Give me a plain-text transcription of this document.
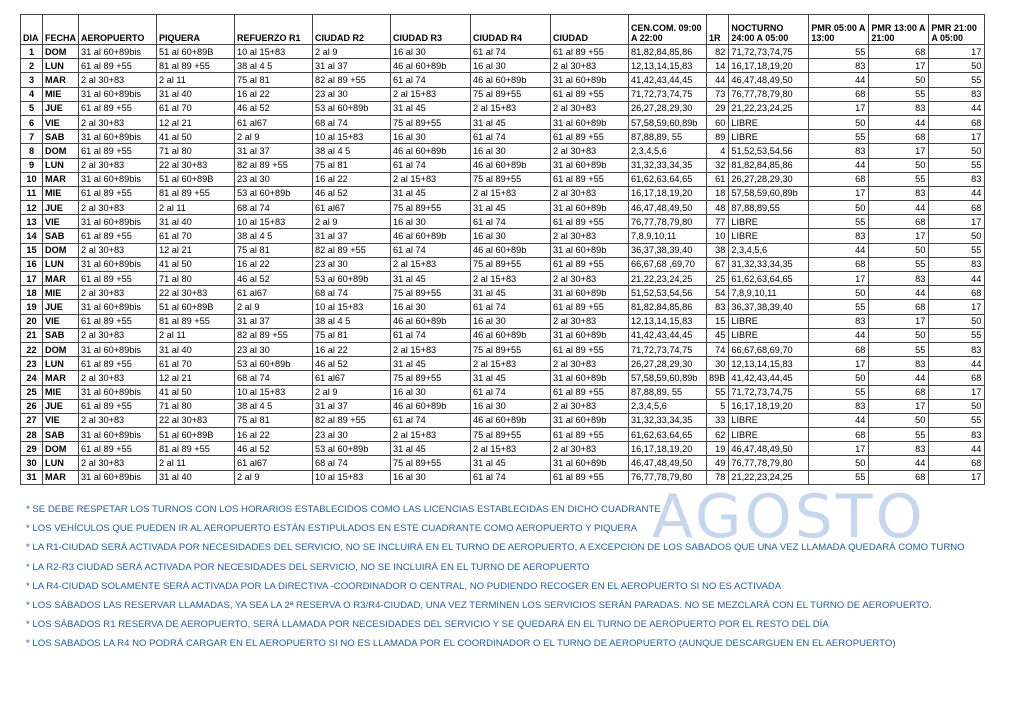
DIA	FECHA	AEROPUERTO	PIQUERA	REFUERZO R1	CIUDAD R2	CIUDAD R3	CIUDAD R4	CIUDAD	CEN.COM. 09:00 A 22:00	1R	NOCTURNO 24:00 A 05:00	PMR 05:00 A 13:00	PMR 13:00 A 21:00	PMR 21:00 A 05:00
1	DOM	31 al 60+89bis	51 al 60+89B	10 al 15+83	2 al 9	16 al 30	61 al 74	61 al 89 +55	81,82,84,85,86	82	71,72,73,74,75	55	68	17
2	LUN	61 al 89 +55	81 al 89 +55	38 al 4 5	31 al 37	46 al 60+89b	16 al 30	2 al 30+83	12,13,14,15,83	14	16,17,18,19,20	83	17	50
3	MAR	2 al 30+83	2 al 11	75 al 81	82 al 89 +55	61 al 74	46 al 60+89b	31 al 60+89b	41,42,43,44,45	44	46,47,48,49,50	44	50	55
4	MIE	31 al 60+89bis	31 al 40	16 al 22	23 al 30	2 al 15+83	75 al 89+55	61 al 89 +55	71,72,73,74,75	73	76,77,78,79,80	68	55	83
5	JUE	61 al 89 +55	61 al 70	46 al 52	53 al 60+89b	31 al 45	2 al 15+83	2 al 30+83	26,27,28,29,30	29	21,22,23,24,25	17	83	44
6	VIE	2 al 30+83	12 al 21	61 al67	68 al 74	75 al 89+55	31 al 45	31 al 60+89b	57,58,59,60,89b	60	LIBRE	50	44	68
7	SAB	31 al 60+89bis	41 al 50	2 al 9	10 al 15+83	16 al 30	61 al 74	61 al 89 +55	87,88,89, 55	89	LIBRE	55	68	17
8	DOM	61 al 89 +55	71 al 80	31 al 37	38 al 4 5	46 al 60+89b	16 al 30	2 al 30+83	2,3,4,5,6	4	51,52,53,54,56	83	17	50
9	LUN	2 al 30+83	22 al 30+83	82 al 89 +55	75 al 81	61 al 74	46 al 60+89b	31 al 60+89b	31,32,33,34,35	32	81,82,84,85,86	44	50	55
10	MAR	31 al 60+89bis	51 al 60+89B	23 al 30	16 al 22	2 al 15+83	75 al 89+55	61 al 89 +55	61,62,63,64,65	61	26,27,28,29,30	68	55	83
11	MIE	61 al 89 +55	81 al 89 +55	53 al 60+89b	46 al 52	31 al 45	2 al 15+83	2 al 30+83	16,17,18,19,20	18	57,58,59,60,89b	17	83	44
12	JUE	2 al 30+83	2 al 11	68 al 74	61 al67	75 al 89+55	31 al 45	31 al 60+89b	46,47,48,49,50	48	87,88,89,55	50	44	68
13	VIE	31 al 60+89bis	31 al 40	10 al 15+83	2 al 9	16 al 30	61 al 74	61 al 89 +55	76,77,78,79,80	77	LIBRE	55	68	17
14	SAB	61 al 89 +55	61 al 70	38 al 4 5	31 al 37	46 al 60+89b	16 al 30	2 al 30+83	7,8,9,10,11	10	LIBRE	83	17	50
15	DOM	2 al 30+83	12 al 21	75 al 81	82 al 89 +55	61 al 74	46 al 60+89b	31 al 60+89b	36,37,38,39,40	38	2,3,4,5,6	44	50	55
16	LUN	31 al 60+89bis	41 al 50	16 al 22	23 al 30	2 al 15+83	75 al 89+55	61 al 89 +55	66,67,68 ,69,70	67	31,32,33,34,35	68	55	83
17	MAR	61 al 89 +55	71 al 80	46 al 52	53 al 60+89b	31 al 45	2 al 15+83	2 al 30+83	21,22,23,24,25	25	61,62,63,64,65	17	83	44
18	MIE	2 al 30+83	22 al 30+83	61 al67	68 al 74	75 al 89+55	31 al 45	31 al 60+89b	51,52,53,54,56	54	7,8,9,10,11	50	44	68
19	JUE	31 al 60+89bis	51 al 60+89B	2 al 9	10 al 15+83	16 al 30	61 al 74	61 al 89 +55	81,82,84,85,86	83	36,37,38,39,40	55	68	17
20	VIE	61 al 89 +55	81 al 89 +55	31 al 37	38 al 4 5	46 al 60+89b	16 al 30	2 al 30+83	12,13,14,15,83	15	LIBRE	83	17	50
21	SAB	2 al 30+83	2 al 11	82 al 89 +55	75 al 81	61 al 74	46 al 60+89b	31 al 60+89b	41,42,43,44,45	45	LIBRE	44	50	55
22	DOM	31 al 60+89bis	31 al 40	23 al 30	16 al 22	2 al 15+83	75 al 89+55	61 al 89 +55	71,72,73,74,75	74	66,67,68,69,70	68	55	83
23	LUN	61 al 89 +55	61 al 70	53 al 60+89b	46 al 52	31 al 45	2 al 15+83	2 al 30+83	26,27,28,29,30	30	12,13,14,15,83	17	83	44
24	MAR	2 al 30+83	12 al 21	68 al 74	61 al67	75 al 89+55	31 al 45	31 al 60+89b	57,58,59,60,89b	89B	41,42,43,44,45	50	44	68
25	MIE	31 al 60+89bis	41 al 50	10 al 15+83	2 al 9	16 al 30	61 al 74	61 al 89 +55	87,88,89, 55	55	71,72,73,74,75	55	68	17
26	JUE	61 al 89 +55	71 al 80	38 al 4 5	31 al 37	46 al 60+89b	16 al 30	2 al 30+83	2,3,4,5,6	5	16,17,18,19,20	83	17	50
27	VIE	2 al 30+83	22 al 30+83	75 al 81	82 al 89 +55	61 al 74	46 al 60+89b	31 al 60+89b	31,32,33,34,35	33	LIBRE	44	50	55
28	SAB	31 al 60+89bis	51 al 60+89B	16 al 22	23 al 30	2 al 15+83	75 al 89+55	61 al 89 +55	61,62,63,64,65	62	LIBRE	68	55	83
29	DOM	61 al 89 +55	81 al 89 +55	46 al 52	53 al 60+89b	31 al 45	2 al 15+83	2 al 30+83	16,17,18,19,20	19	46,47,48,49,50	17	83	44
30	LUN	2 al 30+83	2 al 11	61 al67	68 al 74	75 al 89+55	31 al 45	31 al 60+89b	46,47,48,49,50	49	76,77,78,79,80	50	44	68
31	MAR	31 al 60+89bis	31 al 40	2 al 9	10 al 15+83	16 al 30	61 al 74	61 al 89 +55	76,77,78,79,80	78	21,22,23,24,25	55	68	17
AGOSTO
* SE DEBE RESPETAR LOS TURNOS CON LOS HORARIOS ESTABLECIDOS COMO LAS LICENCIAS ESTABLECIDAS EN DICHO CUADRANTE
* LOS VEHÍCULOS QUE PUEDEN IR AL AEROPUERTO ESTÁN ESTIPULADOS EN ESTE CUADRANTE COMO AEROPUERTO Y PIQUERA
* LA R1-CIUDAD SERÁ ACTIVADA POR NECESIDADES DEL SERVICIO, NO SE INCLUIRÁ EN EL TURNO DE AEROPUERTO, A EXCEPCION DE LOS SABADOS QUE UNA VEZ LLAMADA QUEDARÁ COMO TURNO
* LA R2-R3 CIUDAD SERÁ ACTIVADA POR NECESIDADES DEL SERVICIO, NO SE INCLUIRÁ EN EL TURNO DE AEROPUERTO
* LA R4-CIUDAD SOLAMENTE SERÁ ACTIVADA POR LA DIRECTIVA -COORDINADOR O CENTRAL, NO PUDIENDO RECOGER EN EL AEROPUERTO SI NO ES ACTIVADA
* LOS SÁBADOS LAS RESERVAR LLAMADAS, YA SEA LA 2ª RESERVA O R3/R4-CIUDAD, UNA VEZ TERMINEN LOS SERVICIOS SERÁN PARADAS. NO SE MEZCLARÁ CON EL TURNO DE AEROPUERTO.
* LOS SÁBADOS R1 RESERVA DE AEROPUERTO, SERÁ LLAMADA POR NECESIDADES DEL SERVICIO Y SE QUEDARÁ EN EL TURNO DE AEROPUERTO POR EL RESTO DEL DÍA
* LOS SABADOS LA R4 NO PODRÁ CARGAR EN EL AEROPUERTO SI NO ES LLAMADA POR EL COORDINADOR O EL TURNO DE AEROPUERTO (AUNQUE DESCARGUEN EN EL AEROPUERTO)
